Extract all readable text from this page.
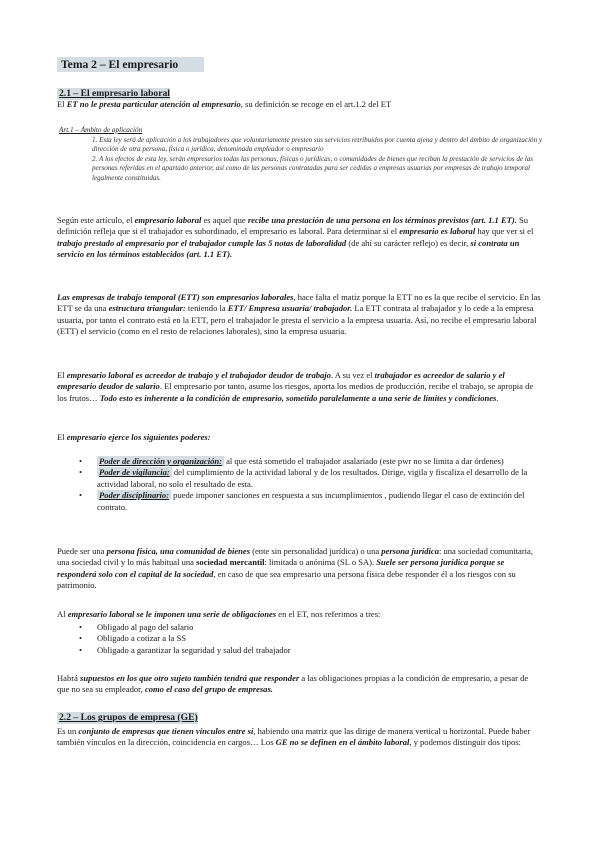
Tema 2 – El empresario
2.1 – El empresario laboral

El ET no le presta particular atención al empresario, su definición se recoge en el art.1.2 del ET

Art.1 – Ámbito de aplicación

1. Esta ley será de aplicación a los trabajadores que voluntariamente presten sus servicios retribuidos por cuenta ajena y dentro del ámbito de organización y dirección de otra persona, física o jurídica, denominada empleador o empresario
2. A los efectos de esta ley, serán empresarios todas las personas, físicas o jurídicas, o comunidades de bienes que reciban la prestación de servicios de las personas referidas en el apartado anterior, así como de las personas contratadas para ser cedidas a empresas usuarias por empresas de trabajo temporal legalmente constituidas.

Según este artículo, el empresario laboral es aquel que recibe una prestación de una persona en los términos previstos (art. 1.1 ET). Su definición refleja que si el trabajador es subordinado, el empresario es laboral. Para determinar si el empresario es laboral hay que ver si el trabajo prestado al empresario por el trabajador cumple las 5 notas de laboralidad (de ahí su carácter reflejo) es decir, si contrata un servicio en los términos establecidos (art. 1.1 ET).

Las empresas de trabajo temporal (ETT) son empresarios laborales, hace falta el matiz porque la ETT no es la que recibe el servicio. En las ETT se da una estructura triangular: teniendo la ETT/ Empresa usuaria/ trabajador. La ETT contrata al trabajador y lo cede a la empresa usuaria, por tanto el contrato está en la ETT, pero el trabajador le presta el servicio a la empresa usuaria. Así, no recibe el empresario laboral (ETT) el servicio (como en el resto de relaciones laborales), sino la empresa usuaria.

El empresario laboral es acreedor de trabajo y el trabajador deudor de trabajo. A su vez el trabajador es acreedor de salario y el empresario deudor de salario. El empresario por tanto, asume los riesgos, aporta los medios de producción, recibe el trabajo, se apropia de los frutos… Todo esto es inherente a la condición de empresario, sometido paralelamente a una serie de límites y condiciones.

El empresario ejerce los siguientes poderes:

• Poder de dirección y organización: al que está sometido el trabajador asalariado (este pwr no se limita a dar órdenes)
• Poder de vigilancia: del cumplimiento de la actividad laboral y de los resultados. Dirige, vigila y fiscaliza el desarrollo de la actividad laboral, no solo el resultado de esta.
• Poder disciplinario: puede imponer sanciones en respuesta a sus incumplimientos , pudiendo llegar el caso de extinción del contrato.

Puede ser una persona física, una comunidad de bienes (ente sin personalidad jurídica) o una persona jurídica: una sociedad comunitaria, una sociedad civil y lo más habitual una sociedad mercantil: limitada o anónima (SL o SA). Suele ser persona jurídica porque se responderá solo con el capital de la sociedad, en caso de que sea empresario una persona física debe responder él a los riesgos con su patrimonio.

Al empresario laboral se le imponen una serie de obligaciones en el ET, nos referimos a tres:

• Obligado al pago del salario
• Obligado a cotizar a la SS
• Obligado a garantizar la seguridad y salud del trabajador

Habrá supuestos en los que otro sujeto también tendrá que responder a las obligaciones propias a la condición de empresario, a pesar de que no sea su empleador, como el caso del grupo de empresas.

2.2 – Los grupos de empresa (GE)

Es un conjunto de empresas que tienen vínculos entre sí, habiendo una matriz que las dirige de manera vertical u horizontal. Puede haber también vínculos en la dirección, coincidencia en cargos… Los GE no se definen en el ámbito laboral, y podemos distinguir dos tipos:
